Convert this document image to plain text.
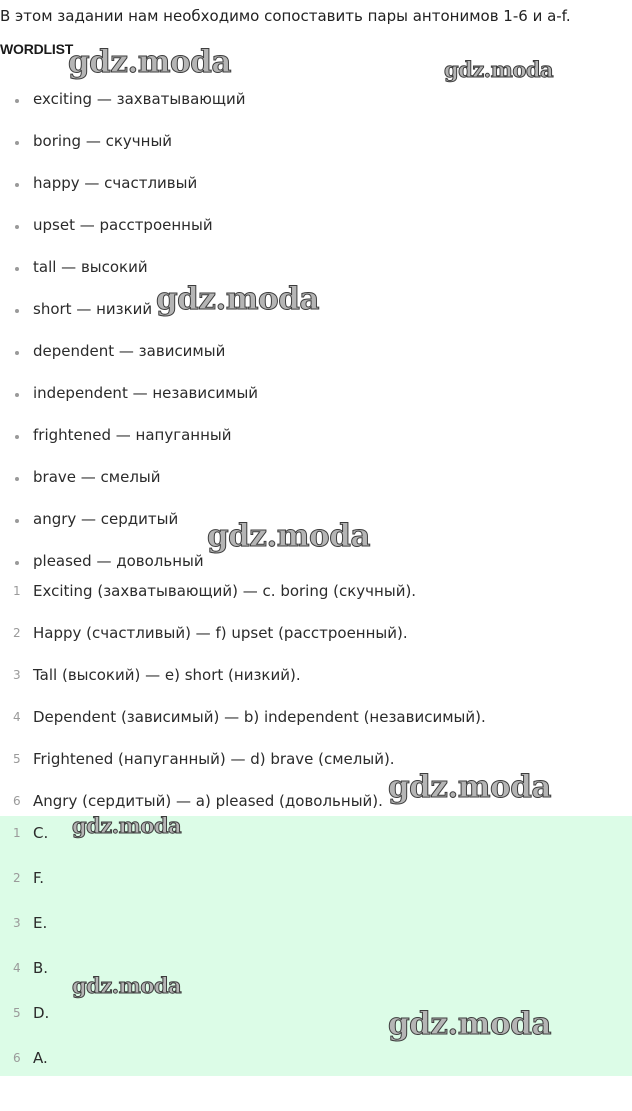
В этом задании нам необходимо сопоставить пары антонимов 1-6 и a-f.
WORDLIST
exciting — захватывающий
boring — скучный
happy — счастливый
upset — расстроенный
tall — высокий
short — низкий
dependent — зависимый
independent — независимый
frightened — напуганный
brave — смелый
angry — сердитый
pleased — довольный
1 Exciting (захватывающий) — c. boring (скучный).
2 Happy (счастливый) — f) upset (расстроенный).
3 Tall (высокий) — e) short (низкий).
4 Dependent (зависимый) — b) independent (независимый).
5 Frightened (напуганный) — d) brave (смелый).
6 Angry (сердитый) — a) pleased (довольный).
1 C.
2 F.
3 E.
4 B.
5 D.
6 A.
gdz.moda	gdz.moda
gdz.moda
gdz.moda
gdz.moda
gdz.moda
gdz.moda
gdz.moda
